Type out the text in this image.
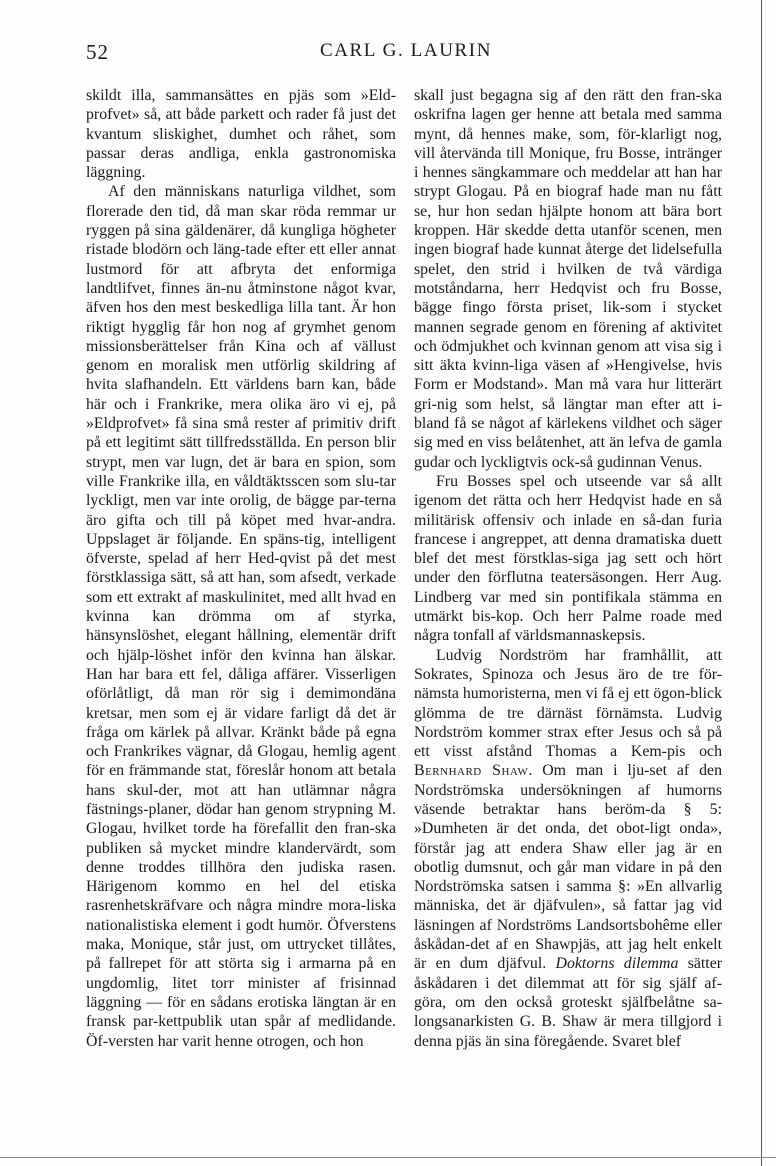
52	CARL G. LAURIN

skildt illa, sammansättes en pjäs som »Eld-profvet» så, att både parkett och rader få just det kvantum sliskighet, dumhet och råhet, som passar deras andliga, enkla gastronomiska läggning.

Af den människans naturliga vildhet, som florerade den tid, då man skar röda remmar ur ryggen på sina gäldenärer, då kungliga högheter ristade blodörn och läng-tade efter ett eller annat lustmord för att afbryta det enformiga landtlifvet, finnes än-nu åtminstone något kvar, äfven hos den mest beskedliga lilla tant. Är hon riktigt hygglig får hon nog af grymhet genom missionsberättelser från Kina och af vällust genom en moralisk men utförlig skildring af hvita slafhandeln. Ett världens barn kan, både här och i Frankrike, mera olika äro vi ej, på »Eldprofvet» få sina små rester af primitiv drift på ett legitimt sätt tillfredsställda. En person blir strypt, men var lugn, det är bara en spion, som ville Frankrike illa, en våldtäktsscen som slu-tar lyckligt, men var inte orolig, de bägge par-terna äro gifta och till på köpet med hvar-andra. Uppslaget är följande. En späns-tig, intelligent öfverste, spelad af herr Hed-qvist på det mest förstklassiga sätt, så att han, som afsedt, verkade som ett extrakt af maskulinitet, med allt hvad en kvinna kan drömma om af styrka, hänsynslöshet, elegant hållning, elementär drift och hjälp-löshet inför den kvinna han älskar. Han har bara ett fel, dåliga affärer. Visserligen oförlåtligt, då man rör sig i demimondäna kretsar, men som ej är vidare farligt då det är fråga om kärlek på allvar. Kränkt både på egna och Frankrikes vägnar, då Glogau, hemlig agent för en främmande stat, föreslår honom att betala hans skul-der, mot att han utlämnar några fästnings-planer, dödar han genom strypning M. Glogau, hvilket torde ha förefallit den fran-ska publiken så mycket mindre klandervärdt, som denne troddes tillhöra den judiska rasen. Härigenom kommo en hel del etiska rasrenhetskräfvare och några mindre mora-liska nationalistiska element i godt humör. Öfverstens maka, Monique, står just, om uttrycket tillåtes, på fallrepet för att störta sig i armarna på en ungdomlig, litet torr minister af frisinnad läggning — för en sådans erotiska längtan är en fransk par-kettpublik utan spår af medlidande. Öf-versten har varit henne otrogen, och hon

skall just begagna sig af den rätt den fran-ska oskrifna lagen ger henne att betala med samma mynt, då hennes make, som, för-klarligt nog, vill återvända till Monique, fru Bosse, intränger i hennes sängkammare och meddelar att han har strypt Glogau. På en biograf hade man nu fått se, hur hon sedan hjälpte honom att bära bort kroppen. Här skedde detta utanför scenen, men ingen biograf hade kunnat återge det lidelsefulla spelet, den strid i hvilken de två värdiga motståndarna, herr Hedqvist och fru Bosse, bägge fingo första priset, lik-som i stycket mannen segrade genom en förening af aktivitet och ödmjukhet och kvinnan genom att visa sig i sitt äkta kvinn-liga väsen af »Hengivelse, hvis Form er Modstand». Man må vara hur litterärt gri-nig som helst, så längtar man efter att i-bland få se något af kärlekens vildhet och säger sig med en viss belåtenhet, att än lefva de gamla gudar och lyckligtvis ock-så gudinnan Venus.

Fru Bosses spel och utseende var så allt igenom det rätta och herr Hedqvist hade en så militärisk offensiv och inlade en så-dan furia francese i angreppet, att denna dramatiska duett blef det mest förstklas-siga jag sett och hört under den förflutna teatersäsongen. Herr Aug. Lindberg var med sin pontifikala stämma en utmärkt bis-kop. Och herr Palme roade med några tonfall af världsmannaskepsis.

Ludvig Nordström har framhållit, att Sokrates, Spinoza och Jesus äro de tre för-nämsta humoristerna, men vi få ej ett ögon-blick glömma de tre därnäst förnämsta. Ludvig Nordström kommer strax efter Jesus och så på ett visst afstånd Thomas a Kem-pis och Bernhard Shaw. Om man i lju-set af den Nordströmska undersökningen af humorns väsende betraktar hans beröm-da § 5: »Dumheten är det onda, det obot-ligt onda», förstår jag att endera Shaw eller jag är en obotlig dumsnut, och går man vidare in på den Nordströmska satsen i samma §: »En allvarlig människa, det är djäfvulen», så fattar jag vid läsningen af Nordströms Landsortsbohême eller åskådan-det af en Shawpjäs, att jag helt enkelt är en dum djäfvul. Doktorns dilemma sätter åskådaren i det dilemmat att för sig själf af-göra, om den också groteskt själfbelåtne sa-longsanarkisten G. B. Shaw är mera tillgjord i denna pjäs än sina föregående. Svaret blef
